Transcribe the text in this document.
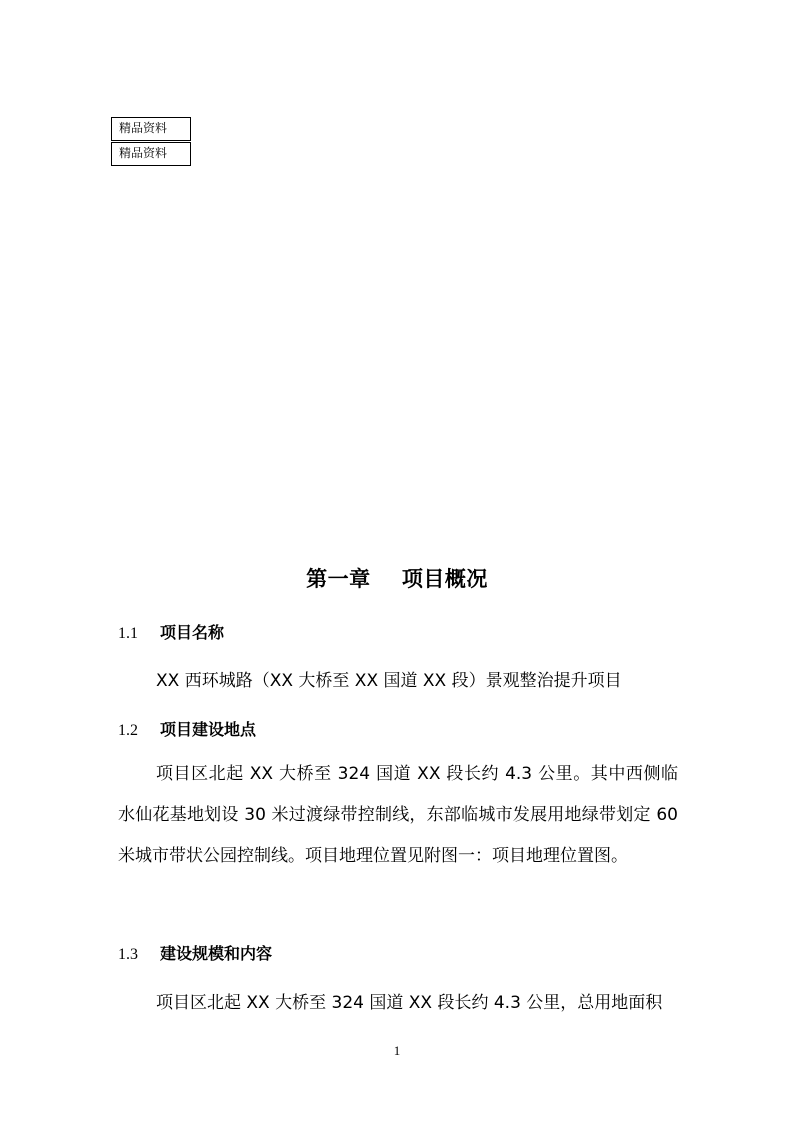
精品资料
精品资料
第一章    项目概况
1.1 项目名称
XX 西环城路（XX 大桥至 XX 国道 XX 段）景观整治提升项目
1.2 项目建设地点
项目区北起 XX 大桥至 324 国道 XX 段长约 4.3 公里。其中西侧临水仙花基地划设 30 米过渡绿带控制线，东部临城市发展用地绿带划定 60 米城市带状公园控制线。项目地理位置见附图一：项目地理位置图。
1.3 建设规模和内容
项目区北起 XX 大桥至 324 国道 XX 段长约 4.3 公里，总用地面积
1
